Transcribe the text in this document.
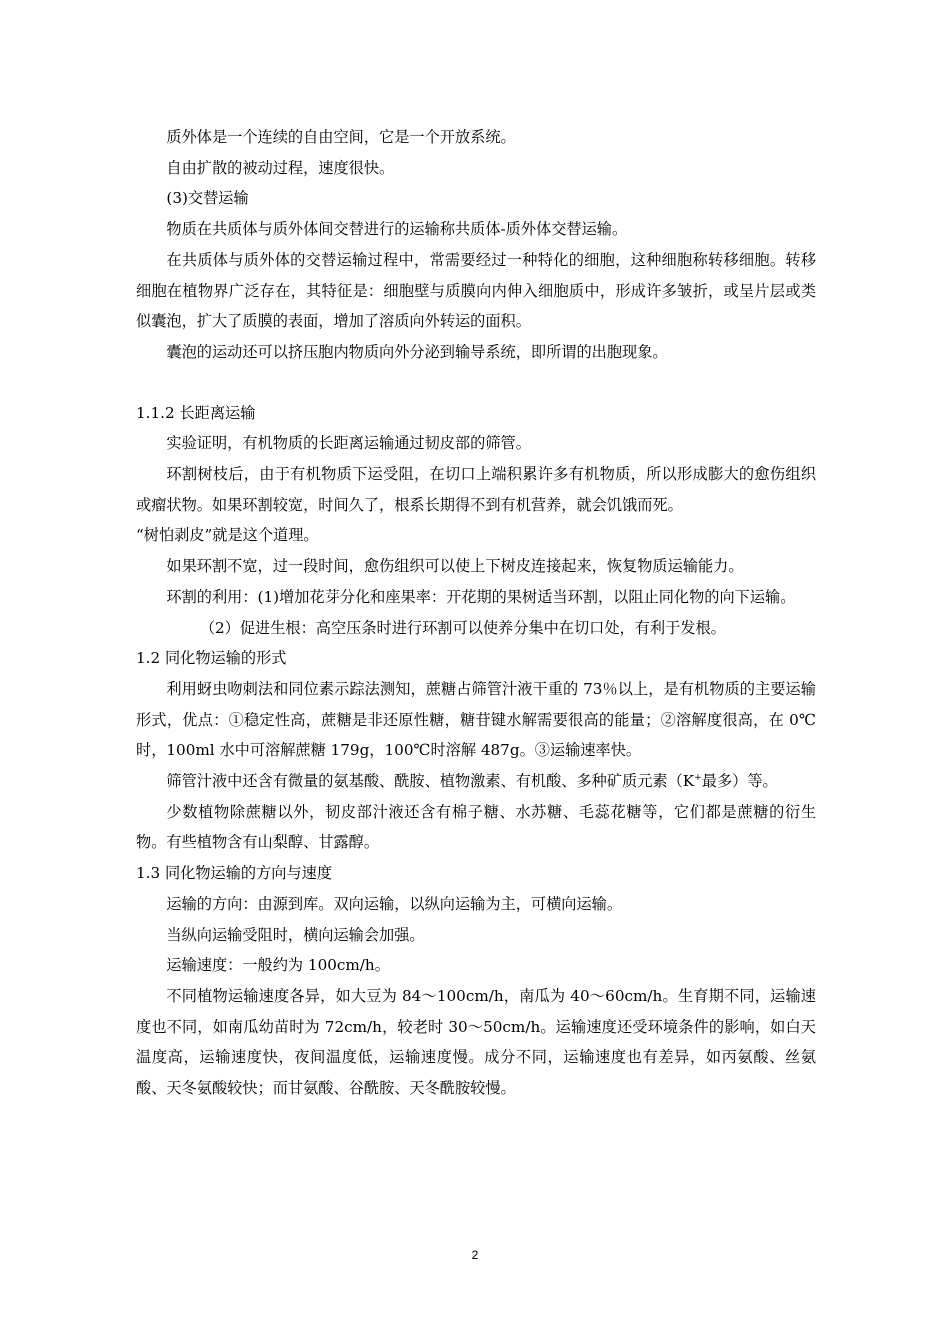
质外体是一个连续的自由空间，它是一个开放系统。

自由扩散的被动过程，速度很快。

(3)交替运输

物质在共质体与质外体间交替进行的运输称共质体-质外体交替运输。

在共质体与质外体的交替运输过程中，常需要经过一种特化的细胞，这种细胞称转移细胞。转移细胞在植物界广泛存在，其特征是：细胞壁与质膜向内伸入细胞质中，形成许多皱折，或呈片层或类似囊泡，扩大了质膜的表面，增加了溶质向外转运的面积。

囊泡的运动还可以挤压胞内物质向外分泌到输导系统，即所谓的出胞现象。

1.1.2 长距离运输

实验证明，有机物质的长距离运输通过韧皮部的筛管。

环割树枝后，由于有机物质下运受阻，在切口上端积累许多有机物质，所以形成膨大的愈伤组织或瘤状物。如果环割较宽，时间久了，根系长期得不到有机营养，就会饥饿而死。

“树怕剥皮”就是这个道理。

如果环割不宽，过一段时间，愈伤组织可以使上下树皮连接起来，恢复物质运输能力。

环割的利用：(1)增加花芽分化和座果率：开花期的果树适当环割，以阻止同化物的向下运输。

（2）促进生根：高空压条时进行环割可以使养分集中在切口处，有利于发根。

1.2 同化物运输的形式

利用蚜虫吻刺法和同位素示踪法测知，蔗糖占筛管汁液干重的 73％以上，是有机物质的主要运输形式，优点：①稳定性高，蔗糖是非还原性糖，糖苷键水解需要很高的能量；②溶解度很高，在 0℃时，100ml 水中可溶解蔗糖 179g，100℃时溶解 487g。③运输速率快。

筛管汁液中还含有微量的氨基酸、酰胺、植物激素、有机酸、多种矿质元素（K+最多）等。

少数植物除蔗糖以外，韧皮部汁液还含有棉子糖、水苏糖、毛蕊花糖等，它们都是蔗糖的衍生物。有些植物含有山梨醇、甘露醇。

1.3 同化物运输的方向与速度

运输的方向：由源到库。双向运输，以纵向运输为主，可横向运输。

当纵向运输受阻时，横向运输会加强。

运输速度：一般约为 100cm/h。

不同植物运输速度各异，如大豆为 84～100cm/h，南瓜为 40～60cm/h。生育期不同，运输速度也不同，如南瓜幼苗时为 72cm/h，较老时 30～50cm/h。运输速度还受环境条件的影响，如白天温度高，运输速度快，夜间温度低，运输速度慢。成分不同，运输速度也有差异，如丙氨酸、丝氨酸、天冬氨酸较快；而甘氨酸、谷酰胺、天冬酰胺较慢。

2
